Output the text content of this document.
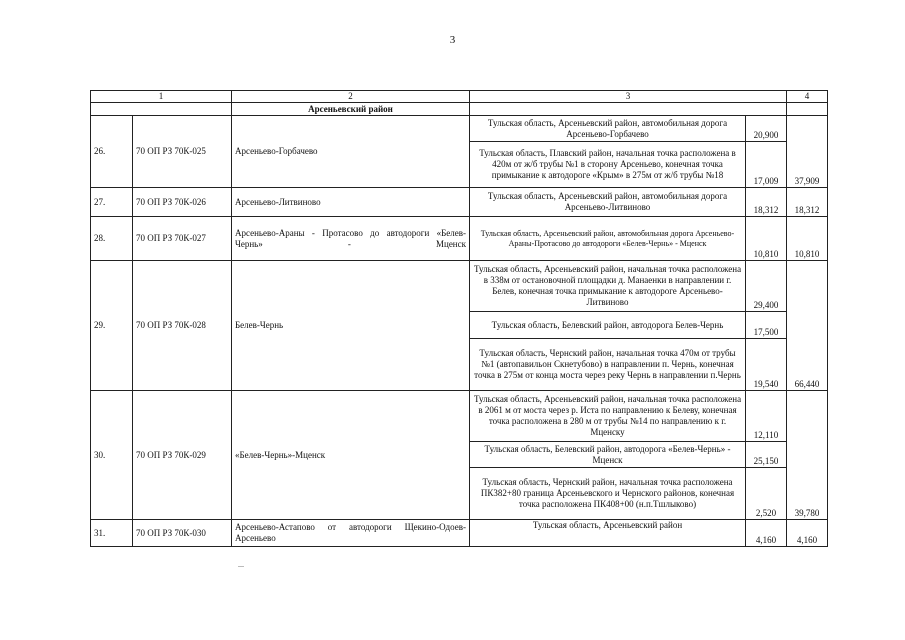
3
1		2	3		4
		Арсеньевский район			
26.	70 ОП РЗ 70К-025	Арсеньево-Горбачево	Тульская область, Арсеньевский район, автомобильная дорога Арсеньево-Горбачево	20,900	37,909
			Тульская область, Плавский район, начальная точка расположена в 420м от ж/б трубы №1 в сторону Арсеньево, конечная точка примыкание к автодороге «Крым» в 275м от ж/б трубы №18	17,009	
27.	70 ОП РЗ 70К-026	Арсеньево-Литвиново	Тульская область, Арсеньевский район, автомобильная дорога Арсеньево-Литвиново	18,312	18,312
28.	70 ОП РЗ 70К-027	Арсеньево-Араны - Протасово до автодороги «Белев-Чернь» - Мценск	Тульская область, Арсеньевский район, автомобильная дорога Арсеньево-Араны-Протасово до автодороги «Белев-Чернь» - Мценск	10,810	10,810
29.	70 ОП РЗ 70К-028	Белев-Чернь	Тульская область, Арсеньевский район, начальная точка расположена в 338м от остановочной площадки д. Манаенки в направлении г. Белев, конечная точка примыкание к автодороге Арсеньево-Литвиново	29,400	66,440
			Тульская область, Белевский район, автодорога Белев-Чернь	17,500	
			Тульская область, Чернский район, начальная точка 470м от трубы №1 (автопавильон Скнетубово) в направлении п. Чернь, конечная точка в 275м от конца моста через реку Чернь в направлении п.Чернь	19,540	
30.	70 ОП РЗ 70К-029	«Белев-Чернь»-Мценск	Тульская область, Арсеньевский район, начальная точка расположена в 2061 м от моста через р. Иста по направлению к Белеву, конечная точка расположена в 280 м от трубы №14 по направлению к г. Мценску	12,110	39,780
			Тульская область, Белевский район, автодорога «Белев-Чернь» - Мценск	25,150	
			Тульская область, Чернский район, начальная точка расположена ПК382+80 граница Арсеньевского и Чернского районов, конечная точка расположена ПК408+00 (н.п.Тшлыково)	2,520	
31.	70 ОП РЗ 70К-030	Арсеньево-Астапово от автодороги Щекино-Одоев-Арсеньево	Тульская область, Арсеньевский район	4,160	4,160
